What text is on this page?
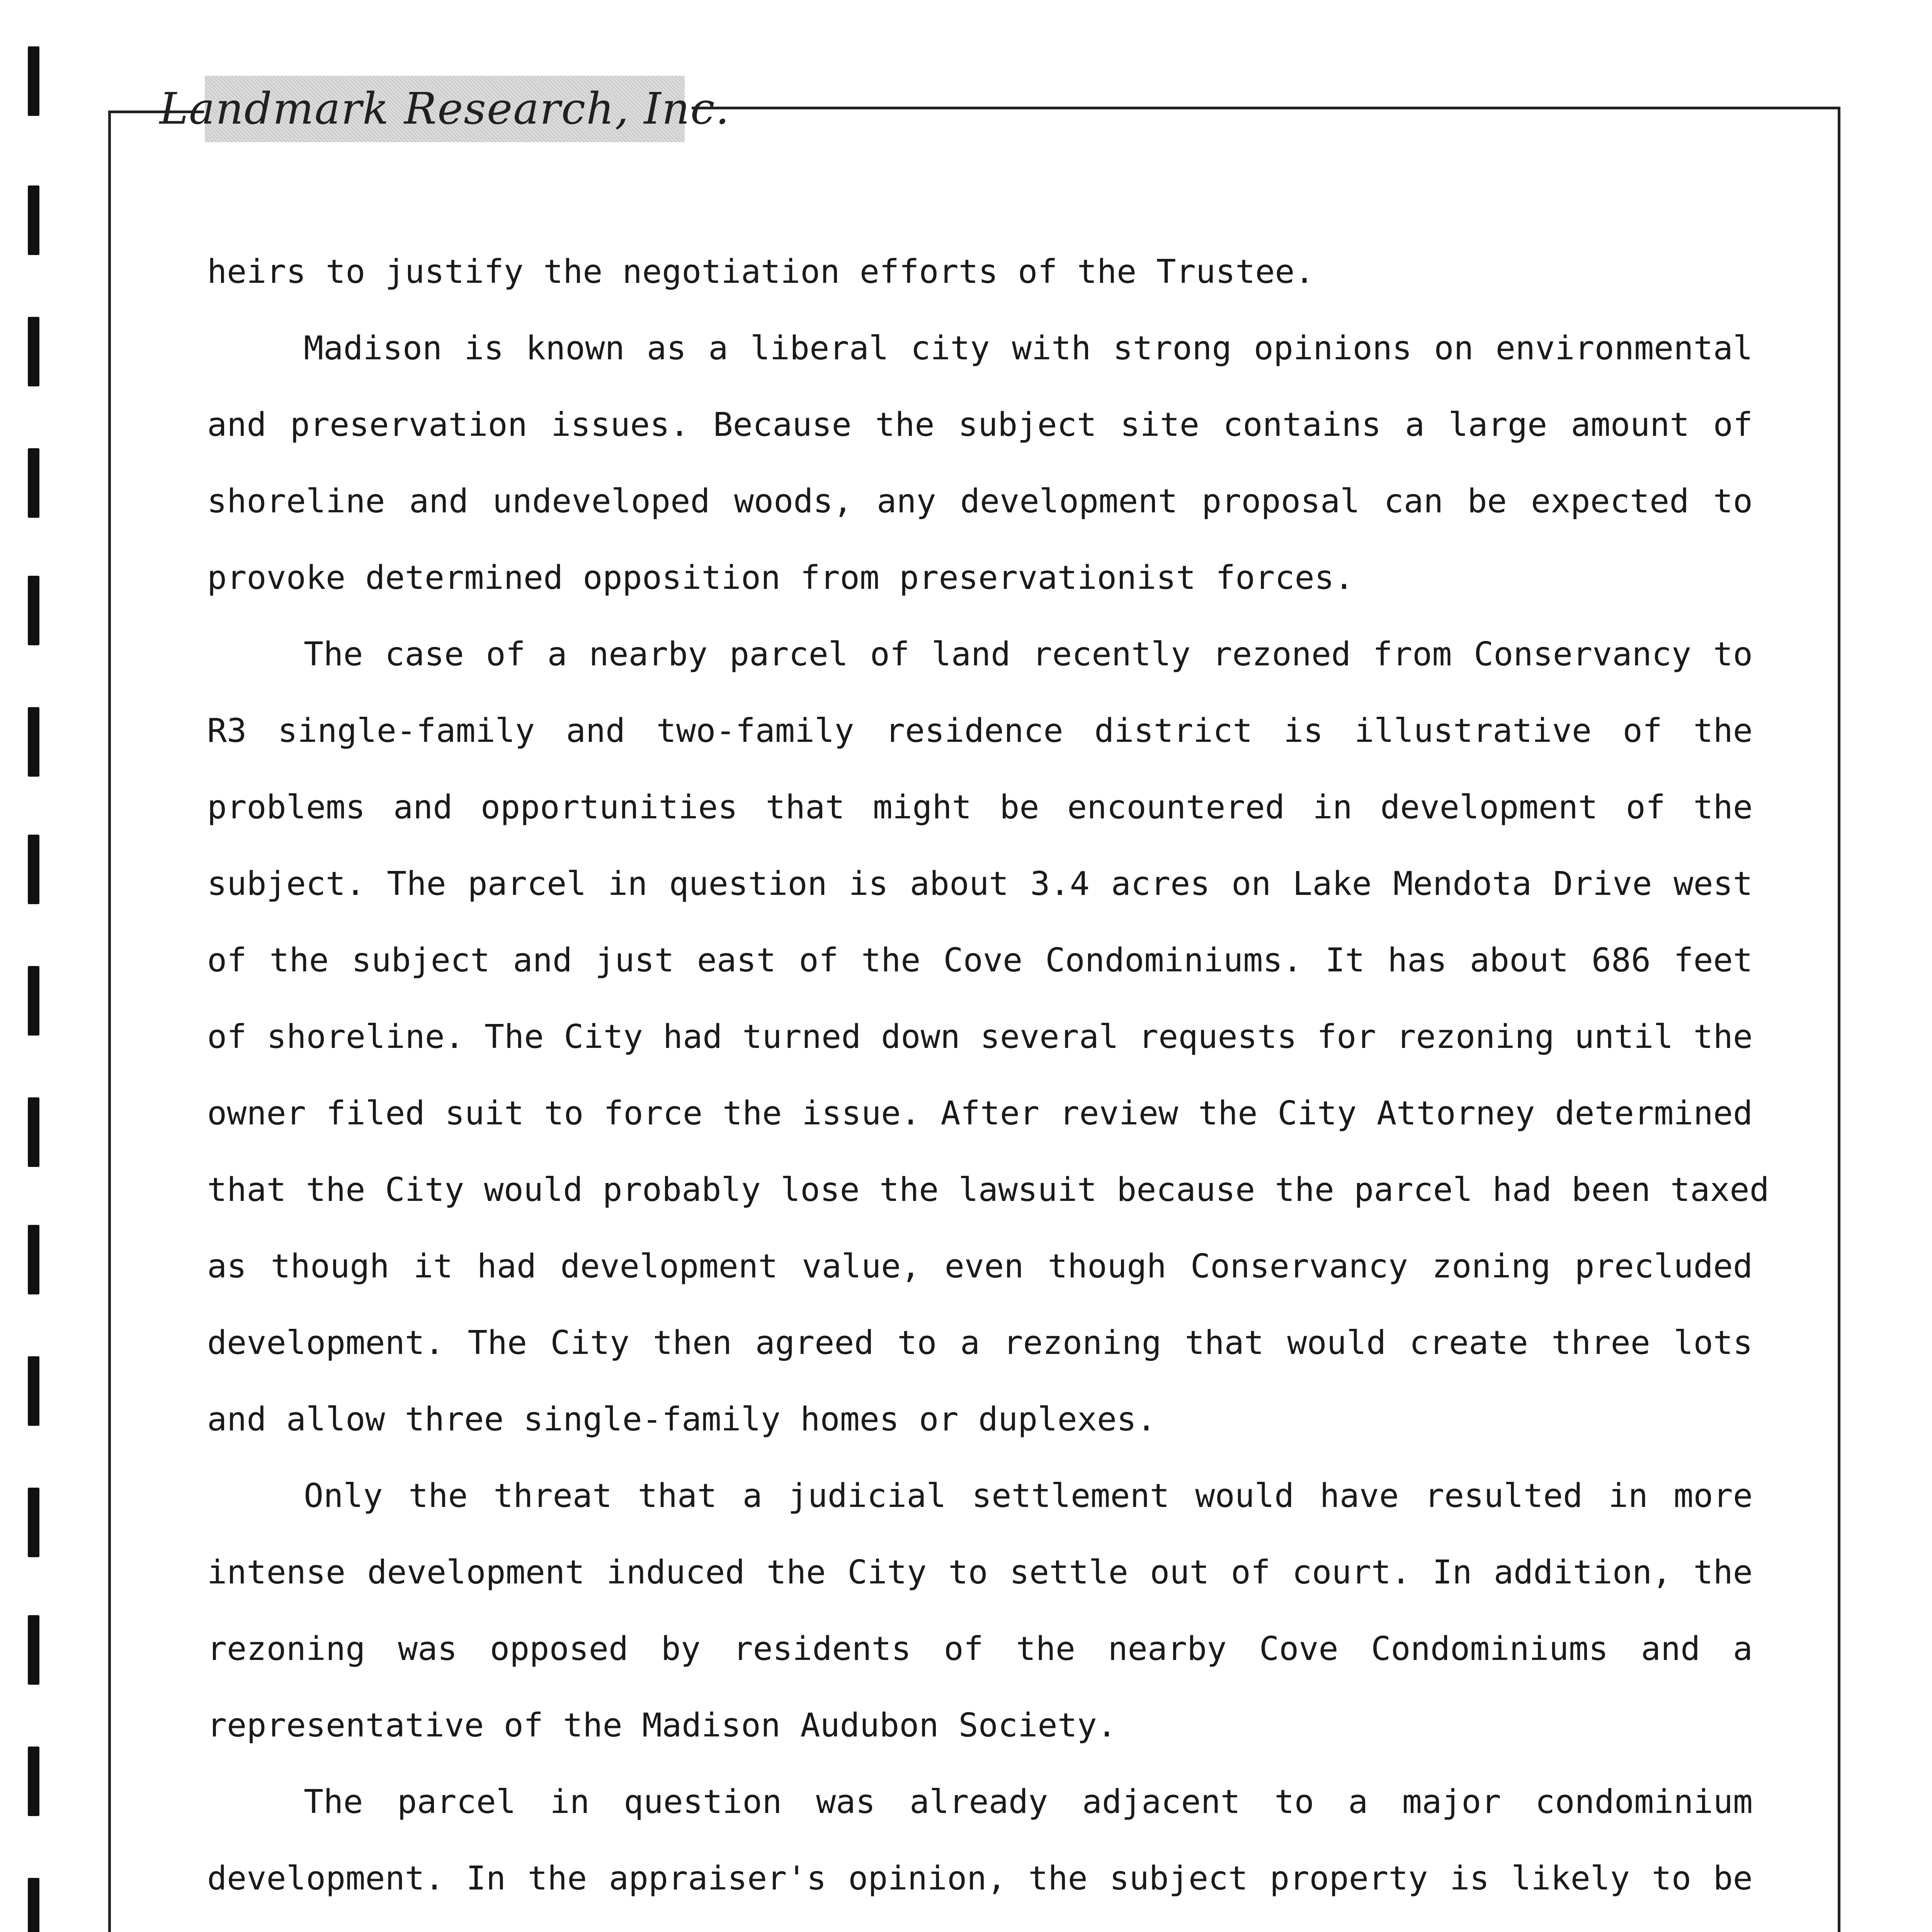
Landmark Research, Inc.
heirs to justify the negotiation efforts of the Trustee.
Madison is known as a liberal city with strong opinions on environmental
and preservation issues. Because the subject site contains a large amount of
shoreline and undeveloped woods, any development proposal can be expected to
provoke determined opposition from preservationist forces.
The case of a nearby parcel of land recently rezoned from Conservancy to
R3 single-family and two-family residence district is illustrative of the
problems and opportunities that might be encountered in development of the
subject. The parcel in question is about 3.4 acres on Lake Mendota Drive west
of the subject and just east of the Cove Condominiums. It has about 686 feet
of shoreline. The City had turned down several requests for rezoning until the
owner filed suit to force the issue. After review the City Attorney determined
that the City would probably lose the lawsuit because the parcel had been taxed
as though it had development value, even though Conservancy zoning precluded
development. The City then agreed to a rezoning that would create three lots
and allow three single-family homes or duplexes.
Only the threat that a judicial settlement would have resulted in more
intense development induced the City to settle out of court. In addition, the
rezoning was opposed by residents of the nearby Cove Condominiums and a
representative of the Madison Audubon Society.
The parcel in question was already adjacent to a major condominium
development. In the appraiser's opinion, the subject property is likely to be
